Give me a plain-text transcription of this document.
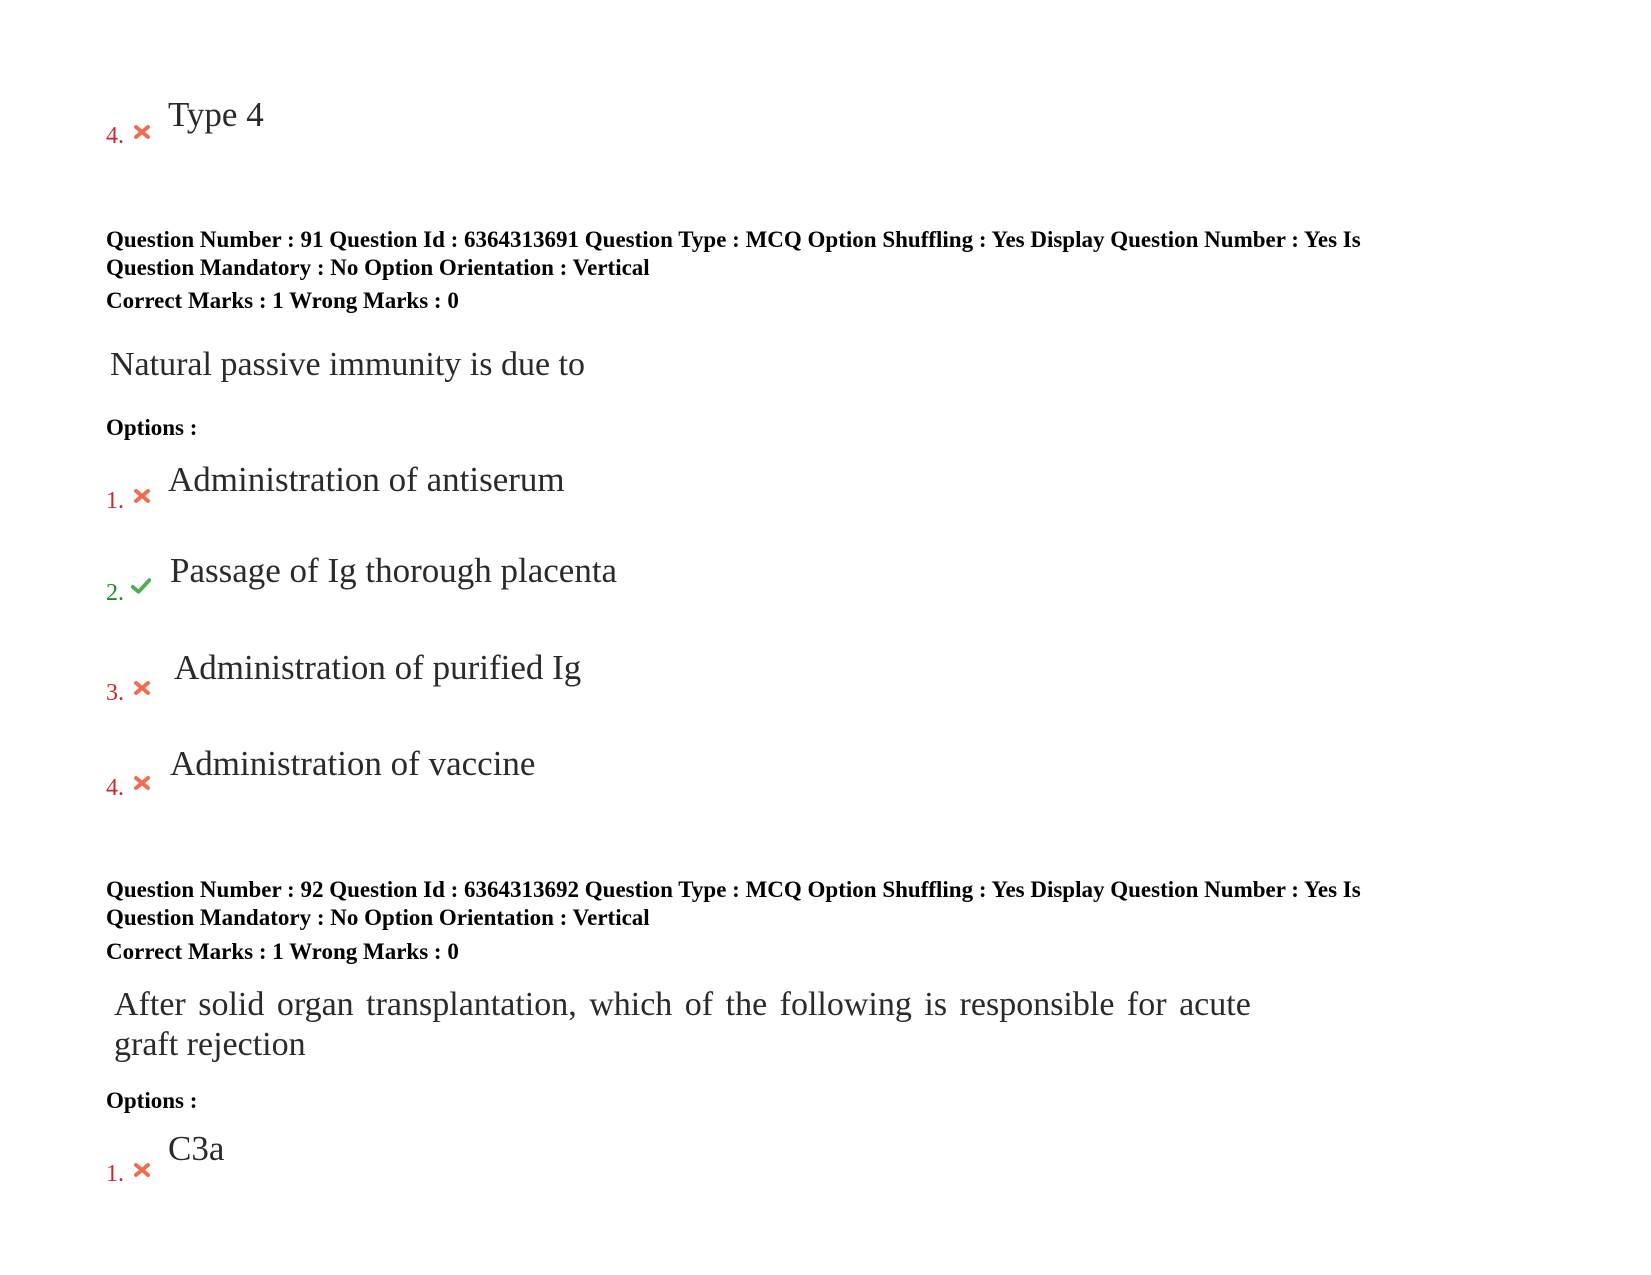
4.
Type 4
Question Number : 91 Question Id : 6364313691 Question Type : MCQ Option Shuffling : Yes Display Question Number : Yes Is
Question Mandatory : No Option Orientation : Vertical
Correct Marks : 1 Wrong Marks : 0
Natural passive immunity is due to
Options :
1.
Administration of antiserum
2.
Passage of Ig thorough placenta
3.
Administration of purified Ig
4.
Administration of vaccine
Question Number : 92 Question Id : 6364313692 Question Type : MCQ Option Shuffling : Yes Display Question Number : Yes Is
Question Mandatory : No Option Orientation : Vertical
Correct Marks : 1 Wrong Marks : 0
After solid organ transplantation, which of the following is responsible for acute
graft rejection
Options :
1.
C3a
